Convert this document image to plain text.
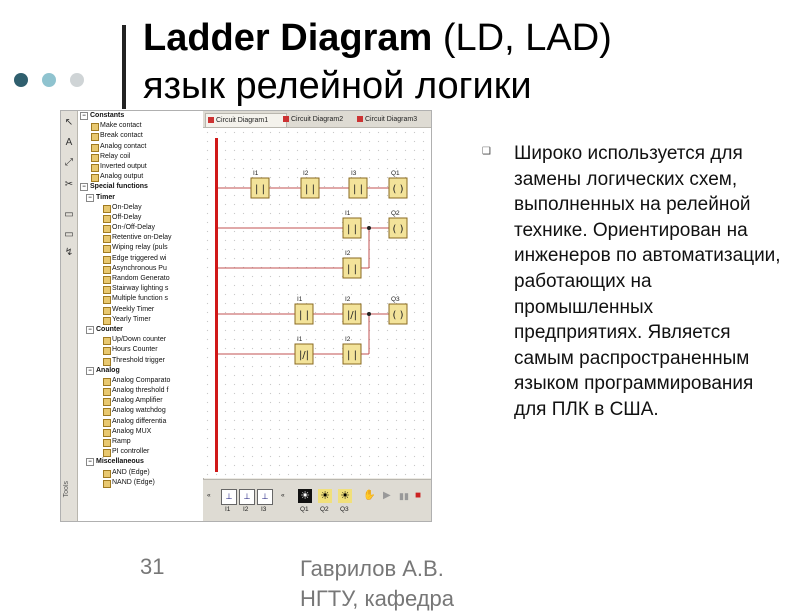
Ladder Diagram (LD, LAD)
язык релейной логики
↖
A
⤢
✂
▭
▭
↯
Tools
− Constants
Make contact
Break contact
Analog contact
Relay coil
Inverted output
Analog output
− Special functions
− Timer
On-Delay
Off-Delay
On-/Off-Delay
Retentive on-Delay
Wiping relay (puls
Edge triggered wi
Asynchronous Pu
Random Generato
Stairway lighting s
Multiple function s
Weekly Timer
Yearly Timer
− Counter
Up/Down counter
Hours Counter
Threshold trigger
− Analog
Analog Comparato
Analog threshold f
Analog Amplifier
Analog watchdog
Analog differentia
Analog MUX
Ramp
PI controller
− Miscellaneous
AND (Edge)
NAND (Edge)
Circuit Diagram1	Circuit Diagram2	Circuit Diagram3
| |
I1
| |
I2
| |
I3
( )
Q1
| |
I1
( )
Q2
| |
I2
| |
I1
|/|
I2
( )
Q3
|/|
I1
| |
I2
«	⊥	⊥	⊥
I1 I2 I3
« ☀ ☀ ☀
Q1 Q2 Q3
✋ ▶ ▮▮ ■
❑ Широко используется для замены логических схем, выполненных на релейной технике. Ориентирован на инженеров по автоматизации, работающих на промышленных предприятиях. Является самым распространенным языком программирования для ПЛК в США.
31	Гаврилов А.В. НГТУ, кафедра
